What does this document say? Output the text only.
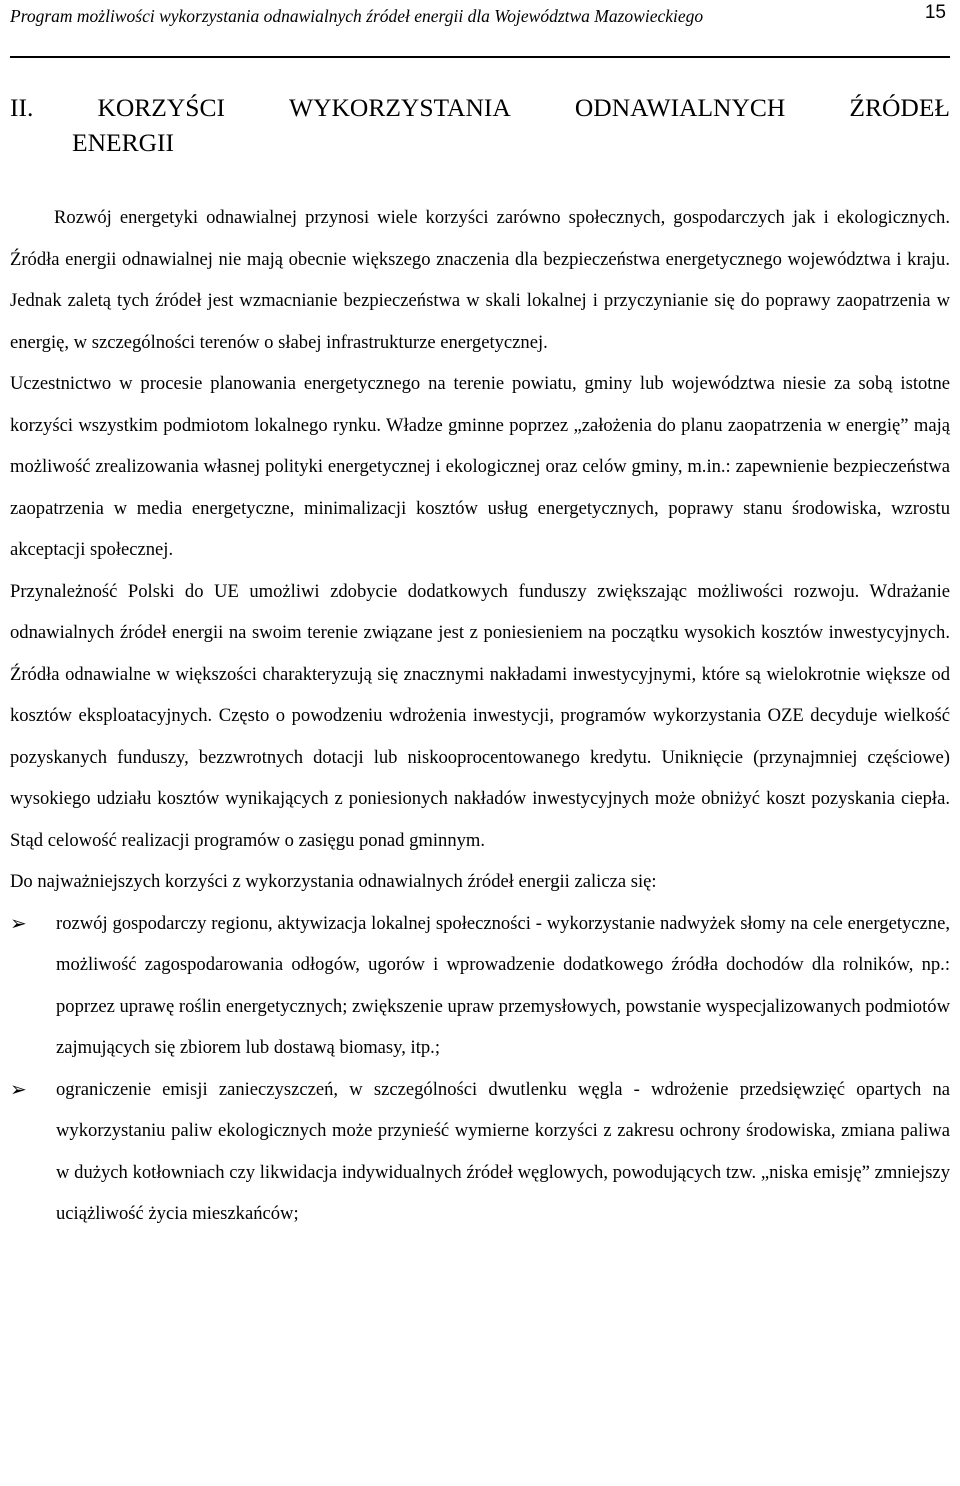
Program możliwości wykorzystania odnawialnych źródeł energii dla Województwa Mazowieckiego	15
II.	KORZYŚCI	WYKORZYSTANIA	ODNAWIALNYCH	ŹRÓDEŁ
ENERGII

Rozwój energetyki odnawialnej przynosi wiele korzyści zarówno społecznych, gospodarczych jak i ekologicznych. Źródła energii odnawialnej nie mają obecnie większego znaczenia dla bezpieczeństwa energetycznego województwa i kraju. Jednak zaletą tych źródeł jest wzmacnianie bezpieczeństwa w skali lokalnej i przyczynianie się do poprawy zaopatrzenia w energię, w szczególności terenów o słabej infrastrukturze energetycznej.

Uczestnictwo w procesie planowania energetycznego na terenie powiatu, gminy lub województwa niesie za sobą istotne korzyści wszystkim podmiotom lokalnego rynku. Władze gminne poprzez „założenia do planu zaopatrzenia w energię” mają możliwość zrealizowania własnej polityki energetycznej i ekologicznej oraz celów gminy, m.in.: zapewnienie bezpieczeństwa zaopatrzenia w media energetyczne, minimalizacji kosztów usług energetycznych, poprawy stanu środowiska, wzrostu akceptacji społecznej.

Przynależność Polski do UE umożliwi zdobycie dodatkowych funduszy zwiększając możliwości rozwoju. Wdrażanie odnawialnych źródeł energii na swoim terenie związane jest z poniesieniem na początku wysokich kosztów inwestycyjnych. Źródła odnawialne w większości charakteryzują się znacznymi nakładami inwestycyjnymi, które są wielokrotnie większe od kosztów eksploatacyjnych. Często o powodzeniu wdrożenia inwestycji, programów wykorzystania OZE decyduje wielkość pozyskanych funduszy, bezzwrotnych dotacji lub niskooprocentowanego kredytu. Uniknięcie (przynajmniej częściowe) wysokiego udziału kosztów wynikających z poniesionych nakładów inwestycyjnych może obniżyć koszt pozyskania ciepła. Stąd celowość realizacji programów o zasięgu ponad gminnym.

Do najważniejszych korzyści z wykorzystania odnawialnych źródeł energii zalicza się:

➢ rozwój gospodarczy regionu, aktywizacja lokalnej społeczności - wykorzystanie nadwyżek słomy na cele energetyczne, możliwość zagospodarowania odłogów, ugorów i wprowadzenie dodatkowego źródła dochodów dla rolników, np.: poprzez uprawę roślin energetycznych; zwiększenie upraw przemysłowych, powstanie wyspecjalizowanych podmiotów zajmujących się zbiorem lub dostawą biomasy, itp.;
➢ ograniczenie emisji zanieczyszczeń, w szczególności dwutlenku węgla - wdrożenie przedsięwzięć opartych na wykorzystaniu paliw ekologicznych może przynieść wymierne korzyści z zakresu ochrony środowiska, zmiana paliwa w dużych kotłowniach czy likwidacja indywidualnych źródeł węglowych, powodujących tzw. „niska emisję” zmniejszy uciążliwość życia mieszkańców;
